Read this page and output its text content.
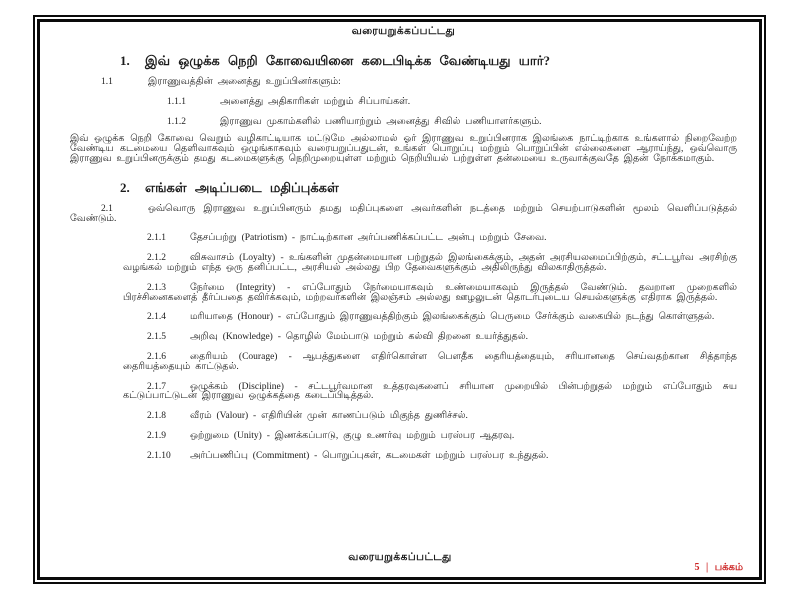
வரையறுக்கப்பட்டது
1. இவ் ஒழுக்க நெறி கோவையினை கடைபிடிக்க வேண்டியது யார்?
1.1	இராணுவத்தின் அனைத்து உறுப்பினர்களும்:
1.1.1	அனைத்து அதிகாரிகள் மற்றும் சிப்பாய்கள்.
1.1.2	இராணுவ முகாம்களில் பணியாற்றும் அனைத்து சிவில் பணியாளர்களும்.
இவ் ஒழுக்க நெறி கோவை வெறும் வழிகாட்டியாக மட்டுமே அல்லாமல் ஓர் இராணுவ உறுப்பினராக இலங்கை நாட்டிற்காக உங்களால் நிறைவேற்ற வேண்டிய கடமையை தெளிவாகவும் ஒழுங்காகவும் வரையறுப்பதுடன், உங்கள் பொறுப்பு மற்றும் பொறுப்பின் எல்லைகளை ஆராய்ந்து, ஒவ்வொரு இராணுவ உறுப்பினருக்கும் தமது கடமைகளுக்கு நெறிமுறையுள்ள மற்றும் நெறியியல் பற்றுள்ள தன்மையை உருவாக்குவதே இதன் நோக்கமாகும்.
2. எங்கள் அடிப்படை மதிப்புக்கள்
2.1	ஒவ்வொரு இராணுவ உறுப்பினரும் தமது மதிப்புகளை அவர்களின் நடத்தை மற்றும் செயற்பாடுகளின் மூலம் வெளிப்படுத்தல் வேண்டும்.
2.1.1	தேசப்பற்று (Patriotism) - நாட்டிற்கான அர்ப்பணிக்கப்பட்ட அன்பு மற்றும் சேவை.
2.1.2	விசுவாசம் (Loyalty) - உங்களின் முதன்மையான பற்றுதல் இலங்கைக்கும், அதன் அரசியலமைப்பிற்கும், சட்டபூர்வ அரசிற்கு வழங்கல் மற்றும் எந்த ஒரு தனிப்பட்ட, அரசியல் அல்லது பிற தேவைகளுக்கும் அதிலிருந்து விலகாதிருத்தல்.
2.1.3	நேர்மை (Integrity) - எப்போதும் நேர்மையாகவும் உண்மையாகவும் இருத்தல் வேண்டும். தவறான முறைகளில் பிரச்சினைகளைத் தீர்ப்பதை தவிர்க்கவும், மற்றவர்களின் இலஞ்சம் அல்லது ஊழலுடன் தொடர்புடைய செயல்களுக்கு எதிராக இருத்தல்.
2.1.4	மரியாதை (Honour) - எப்போதும் இராணுவத்திற்கும் இலங்கைக்கும் பெருமை சேர்க்கும் வகையில் நடந்து கொள்ளுதல்.
2.1.5	அறிவு (Knowledge) - தொழில் மேம்பாடு மற்றும் கல்வி திறனை உயர்த்துதல்.
2.1.6	தைரியம் (Courage) - ஆபத்துகளை எதிர்கொள்ள பௌதீக தைரியத்தையும், சரியானதை செய்வதற்கான சித்தாந்த தைரியத்தையும் காட்டுதல்.
2.1.7	ஒழுக்கம் (Discipline) - சட்டபூர்வமான உத்தரவுகளைப் சரியான முறையில் பின்பற்றுதல் மற்றும் எப்போதும் சுய கட்டுப்பாட்டுடன் இராணுவ ஒழுக்கத்தை கடைப்பிடித்தல்.
2.1.8	வீரம் (Valour) - எதிரியின் முன் காணப்படும் மிகுந்த துணிச்சல்.
2.1.9	ஒற்றுமை (Unity) - இணக்கப்பாடு, குழு உணர்வு மற்றும் பரஸ்பர ஆதரவு.
2.1.10 அர்ப்பணிப்பு (Commitment) - பொறுப்புகள், கடமைகள் மற்றும் பரஸ்பர உந்துதல்.
வரையறுக்கப்பட்டது
5 | பக்கம்
